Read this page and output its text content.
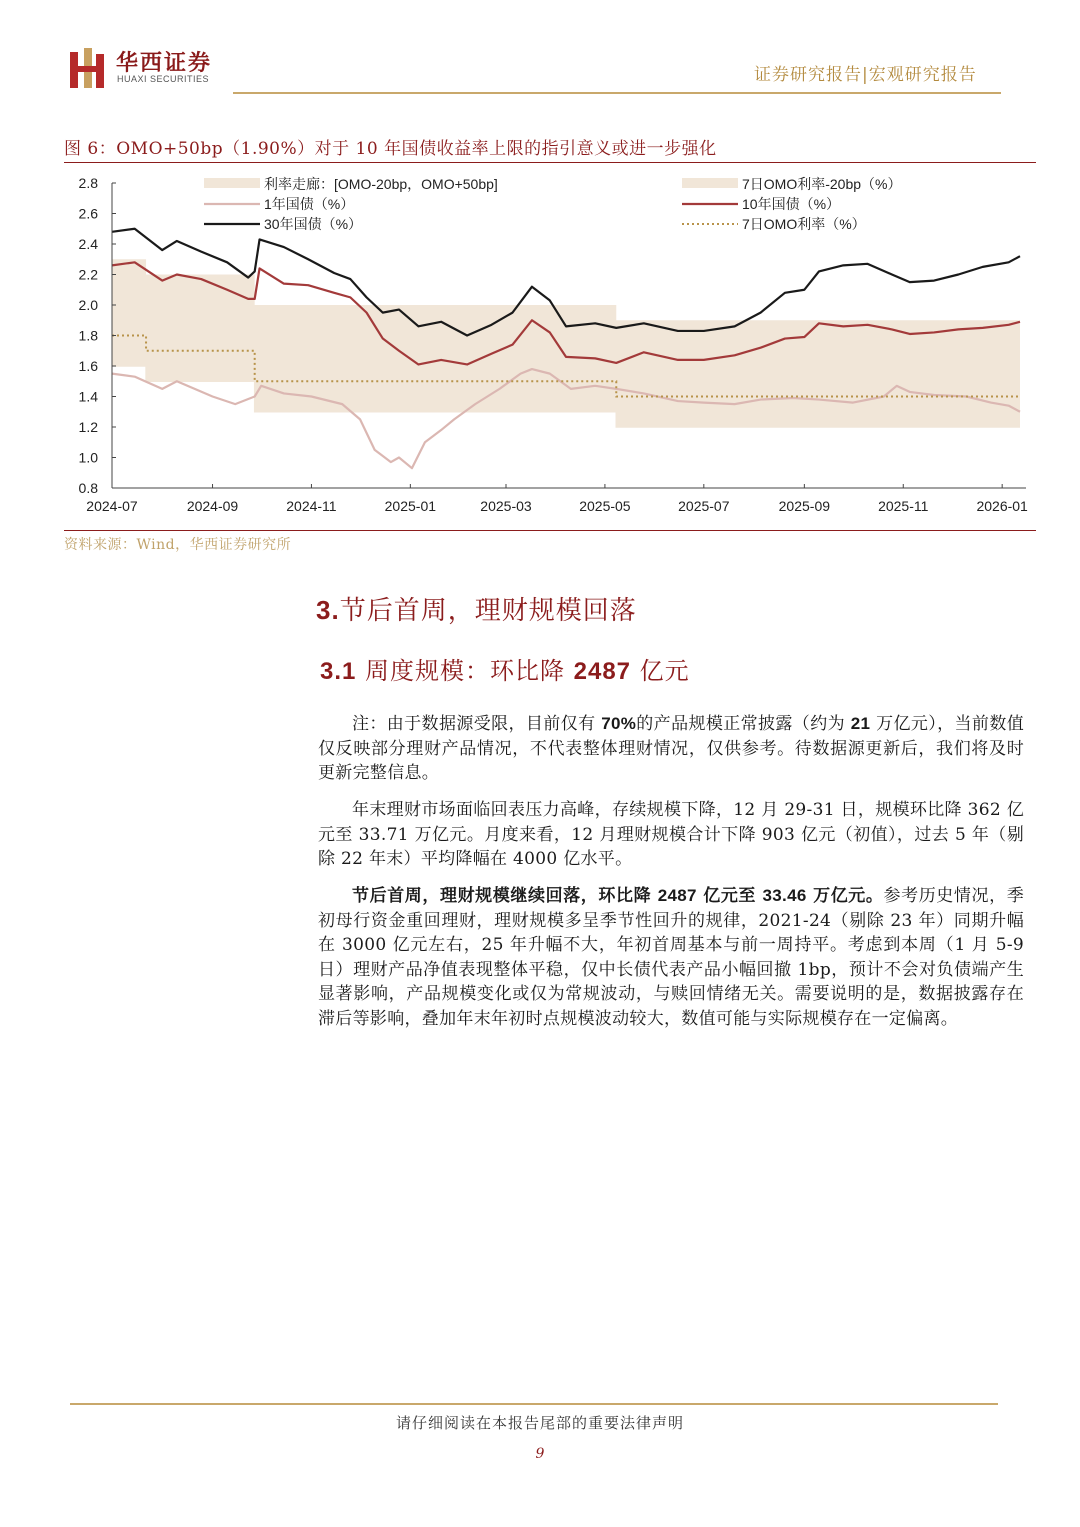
华西证券
HUAXI SECURITIES	证券研究报告|宏观研究报告
图 6：OMO+50bp（1.90%）对于 10 年国债收益率上限的指引意义或进一步强化
0.8
1.0
1.2
1.4
1.6
1.8
2.0
2.2
2.4
2.6
2.8
2024-07	2024-09	2024-11	2025-01	2025-03	2025-05	2025-07	2025-09	2025-11	2026-01
利率走廊：[OMO-20bp，OMO+50bp]	7日OMO利率-20bp（%）
1年国债（%）	10年国债（%）
30年国债（%）	7日OMO利率（%）
资料来源：Wind，华西证券研究所
3.节后首周，理财规模回落
3.1 周度规模：环比降 2487 亿元
注：由于数据源受限，目前仅有 70%的产品规模正常披露（约为 21 万亿元），当前数值仅反映部分理财产品情况，不代表整体理财情况，仅供参考。待数据源更新后，我们将及时更新完整信息。
年末理财市场面临回表压力高峰，存续规模下降，12 月 29-31 日，规模环比降 362 亿元至 33.71 万亿元。月度来看，12 月理财规模合计下降 903 亿元（初值），过去 5 年（剔除 22 年末）平均降幅在 4000 亿水平。
节后首周，理财规模继续回落，环比降 2487 亿元至 33.46 万亿元。参考历史情况，季初母行资金重回理财，理财规模多呈季节性回升的规律，2021-24（剔除 23 年）同期升幅在 3000 亿元左右，25 年升幅不大，年初首周基本与前一周持平。考虑到本周（1 月 5-9 日）理财产品净值表现整体平稳，仅中长债代表产品小幅回撤 1bp，预计不会对负债端产生显著影响，产品规模变化或仅为常规波动，与赎回情绪无关。需要说明的是，数据披露存在滞后等影响，叠加年末年初时点规模波动较大，数值可能与实际规模存在一定偏离。
请仔细阅读在本报告尾部的重要法律声明
9
